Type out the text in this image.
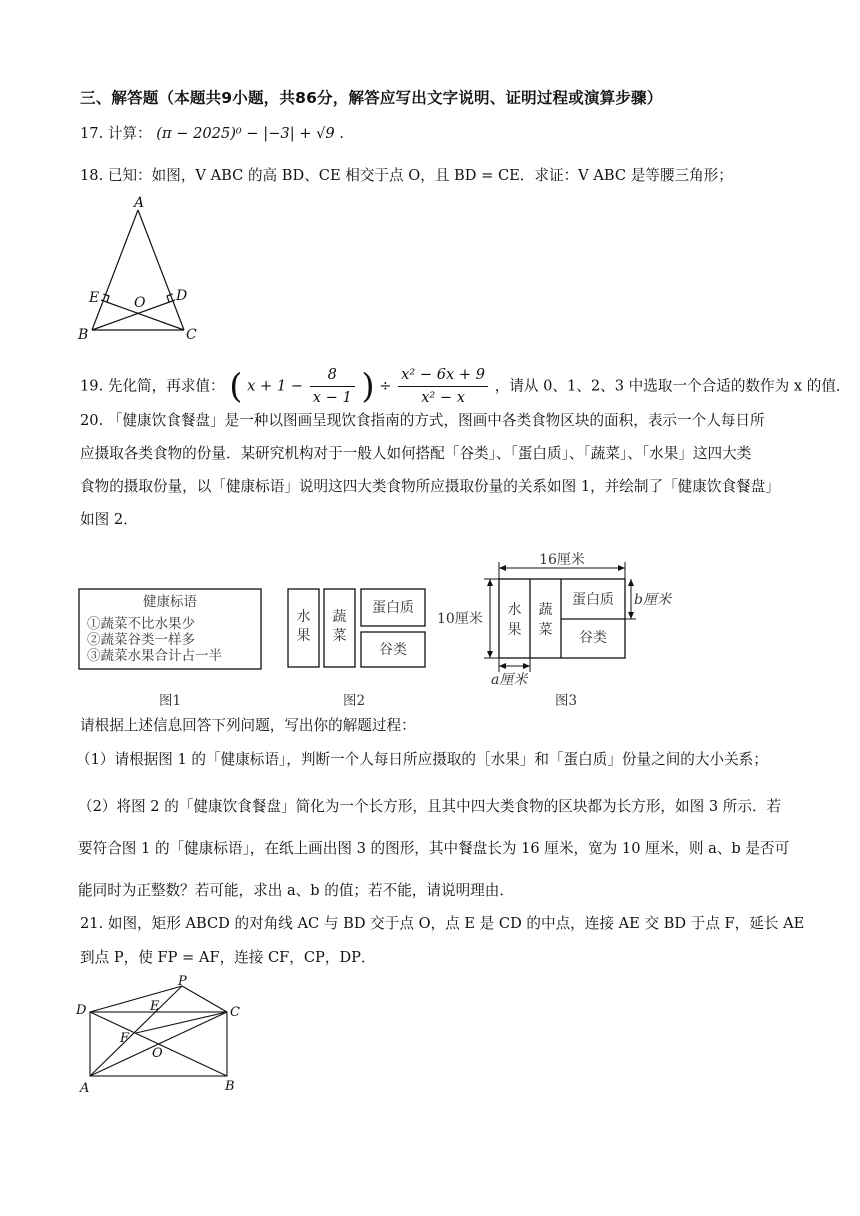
三、解答题（本题共9小题，共86分，解答应写出文字说明、证明过程或演算步骤）
17. 计算： (π − 2025)⁰ − |−3| + √9 .
18. 已知：如图，V ABC 的高 BD、CE 相交于点 O，且 BD = CE．求证：V ABC 是等腰三角形；
A
B	C
D
E O
19. 先化简，再求值： ( $x + 1 - \frac{8}{x - 1}$ ) ÷ $\frac{\text{x² − 6x + 9}}{\text{x² − x}}$ ，请从 0、1、2、3 中选取一个合适的数作为 x 的值．
20. 「健康饮食餐盘」是一种以图画呈现饮食指南的方式，图画中各类食物区块的面积，表示一个人每日所
应摄取各类食物的份量．某研究机构对于一般人如何搭配「谷类」、「蛋白质」、「蔬菜」、「水果」这四大类
食物的摄取份量，以「健康标语」说明这四大类食物所应摄取份量的关系如图 1，并绘制了「健康饮食餐盘」
如图 2．
健康标语
①蔬菜不比水果少
②蔬菜谷类一样多
③蔬菜水果合计占一半
图1
水
果
蔬
菜
蛋白质
谷类
图2
16厘米
10厘米
b厘米
a厘米
水
果
蔬
菜
蛋白质
谷类
图3
请根据上述信息回答下列问题，写出你的解题过程：
（1）请根据图 1 的「健康标语」，判断一个人每日所应摄取的［水果」和「蛋白质」份量之间的大小关系；
（2）将图 2 的「健康饮食餐盘」简化为一个长方形，且其中四大类食物的区块都为长方形，如图 3 所示．若
要符合图 1 的「健康标语」，在纸上画出图 3 的图形，其中餐盘长为 16 厘米，宽为 10 厘米，则 a、b 是否可
能同时为正整数？若可能，求出 a、b 的值；若不能，请说明理由．
21. 如图，矩形 ABCD 的对角线 AC 与 BD 交于点 O，点 E 是 CD 的中点，连接 AE 交 BD 于点 F，延长 AE
到点 P，使 FP = AF，连接 CF，CP，DP．
P
D	E	C
F
O
A	B
